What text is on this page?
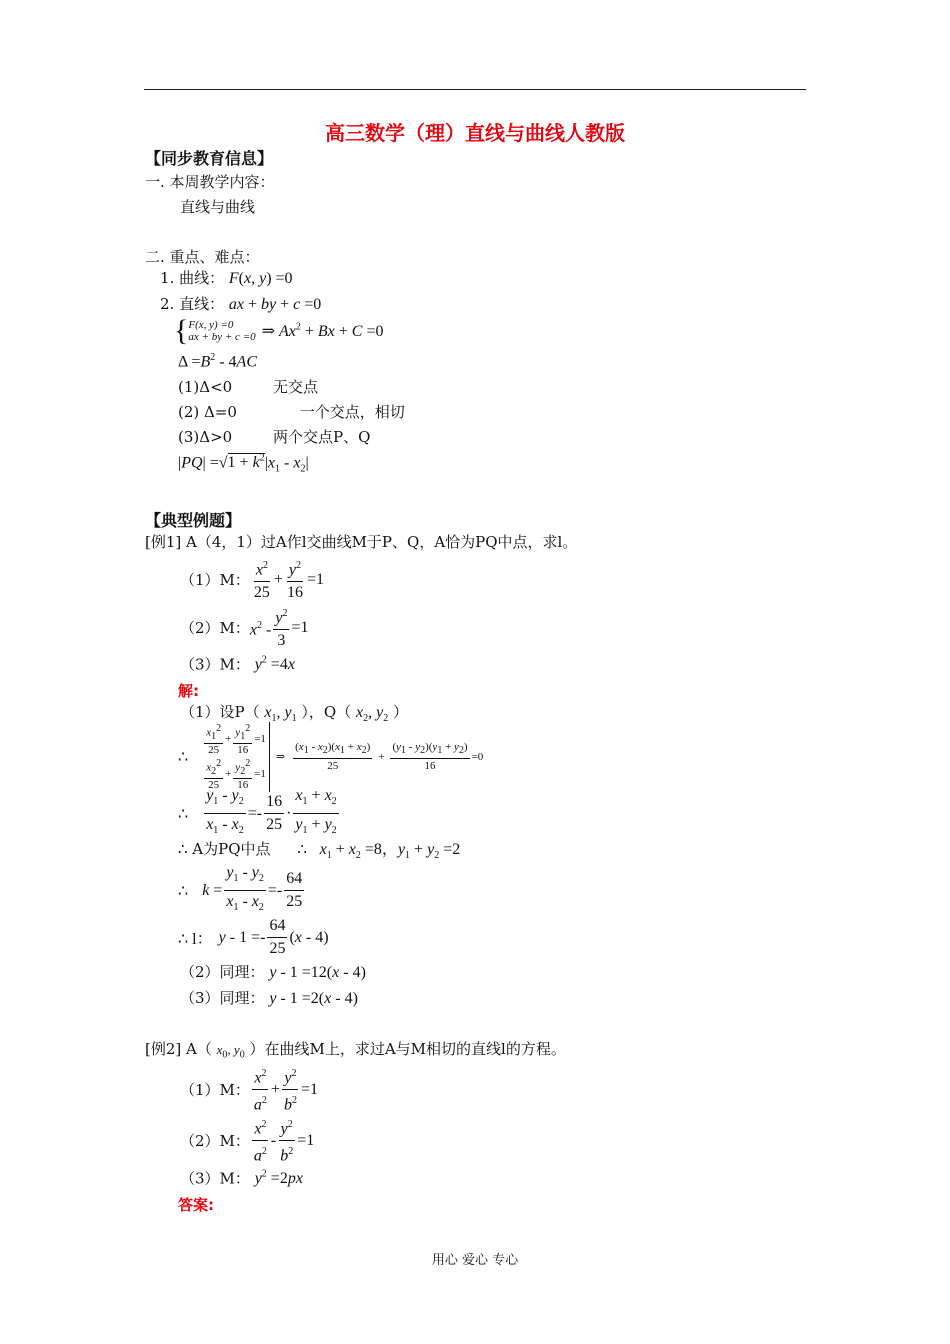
高三数学（理）直线与曲线人教版
【同步教育信息】
一. 本周教学内容：
直线与曲线
二. 重点、难点：
1. 曲线： F(x, y) =0
2. 直线： ax + by + c =0
{ F(x, y) =0
ax + by + c =0 ⇒ $Ax^2 + Bx + C =0$
$\Delta =B^2 - 4AC$
(1)Δ<0	无交点
(2) Δ=0	一个交点，相切
(3)Δ>0	两个交点P、Q
$|PQ| =√1 + k^2|x_1 - x_2|$
【典型例题】
[例1] A（4，1）过A作l交曲线M于P、Q，A恰为PQ中点，求l。
（1）M： $\frac{x^2}{25} + \frac{y^2}{16} =1$
（2）M： $x^2 - \frac{y^2}{3} =1$
（3）M： $y^2 =4x$
解:
（1）设P（ $x_1$, $y_1$ ），Q（ $x_2$, $y_2$ ）
∴
$\frac{x_1^2}{25} + \frac{y_1^2}{16} =1$
$\frac{x_2^2}{25} + \frac{y_2^2}{16} =1$
⇒ $\frac{(x_1 - x_2)(x_1 + x_2)}{25} + \frac{(y_1 - y_2)(y_1 + y_2)}{16} =0$
∴ $\frac{y_1 - y_2}{x_1 - x_2} =- \frac{16}{25} \cdot \frac{x_1 + x_2}{y_1 + y_2}$
∴ A为PQ中点 ∴ $x_1 + x_2 =8$，$y_1 + y_2 =2$
∴ $k = \frac{y_1 - y_2}{x_1 - x_2} =- \frac{64}{25}$
∴ l： $y - 1 =- \frac{64}{25}$ ( x - 4)
（2）同理： y - 1 =12(x - 4)
（3）同理： y - 1 =2(x - 4)
[例2] A（ $x_0$, $y_0$ ）在曲线M上，求过A与M相切的直线l的方程。
（1）M： $\frac{x^2}{a^2} + \frac{y^2}{b^2} =1$
（2）M： $\frac{x^2}{a^2} - \frac{y^2}{b^2} =1$
（3）M： $y^2 =2px$
答案:
用心 爱心 专心
